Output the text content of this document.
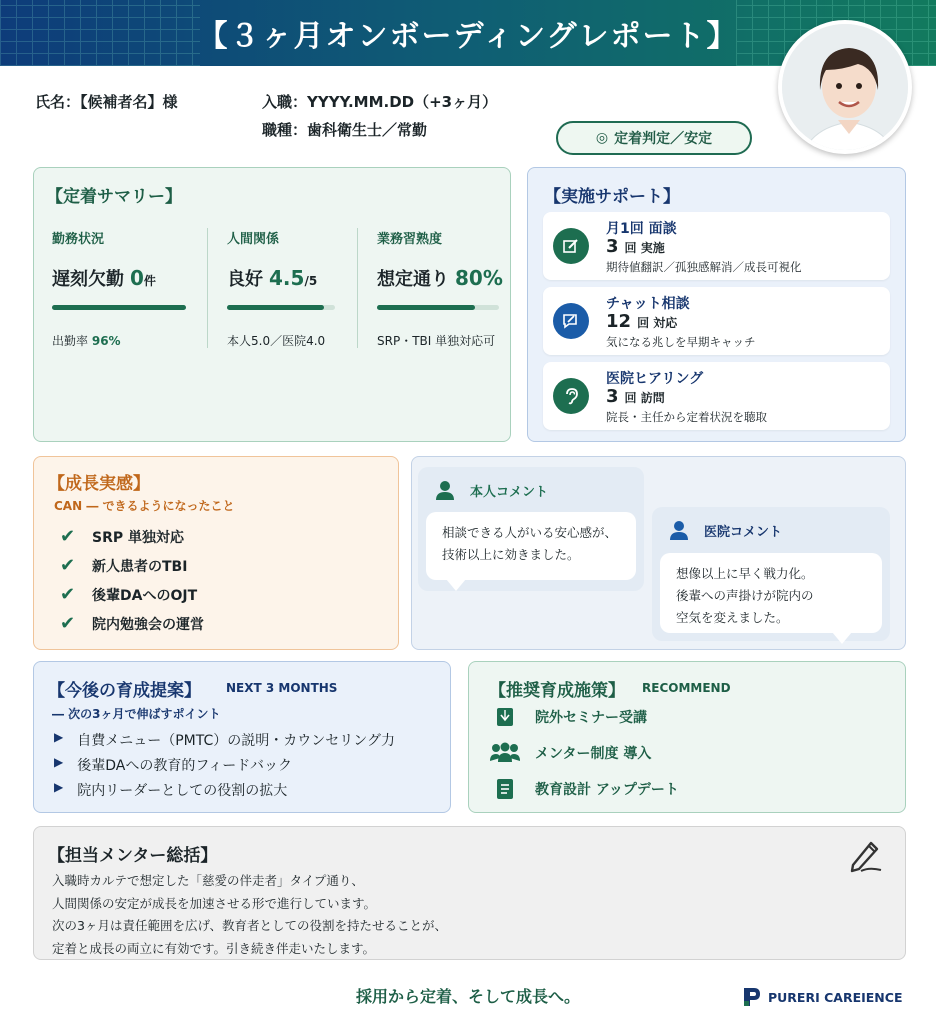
【３ヶ月オンボーディングレポート】
氏名：【候補者名】様	入職：YYYY.MM.DD（+3ヶ月）
職種：歯科衛生士／常勤	◎ 定着判定／安定
【定着サマリー】
勤務状況
遅刻欠勤 0件
出勤率 96%
人間関係
良好 4.5/5
本人5.0／医院4.0
業務習熟度
想定通り 80%
SRP・TBI 単独対応可
【実施サポート】
月1回 面談
3 回 実施
期待値翻訳／孤独感解消／成長可視化
チャット相談
12 回 対応
気になる兆しを早期キャッチ
医院ヒアリング
3 回 訪問
院長・主任から定着状況を聴取
【成長実感】
CAN ― できるようになったこと
✔ SRP 単独対応
✔ 新人患者のTBI
✔ 後輩DAへのOJT
✔ 院内勉強会の運営
本人コメント
相談できる人がいる安心感が、
技術以上に効きました。
医院コメント
想像以上に早く戦力化。
後輩への声掛けが院内の
空気を変えました。
【今後の育成提案】 NEXT 3 MONTHS
― 次の3ヶ月で伸ばすポイント
▶ 自費メニュー（PMTC）の説明・カウンセリング力
▶ 後輩DAへの教育的フィードバック
▶ 院内リーダーとしての役割の拡大
【推奨育成施策】 RECOMMEND
院外セミナー受講
メンター制度 導入
教育設計 アップデート
【担当メンター総括】
入職時カルテで想定した「慈愛の伴走者」タイプ通り、
人間関係の安定が成長を加速させる形で進行しています。
次の3ヶ月は責任範囲を広げ、教育者としての役割を持たせることが、
定着と成長の両立に有効です。引き続き伴走いたします。
採用から定着、そして成長へ。	PURERI CAREIENCE
